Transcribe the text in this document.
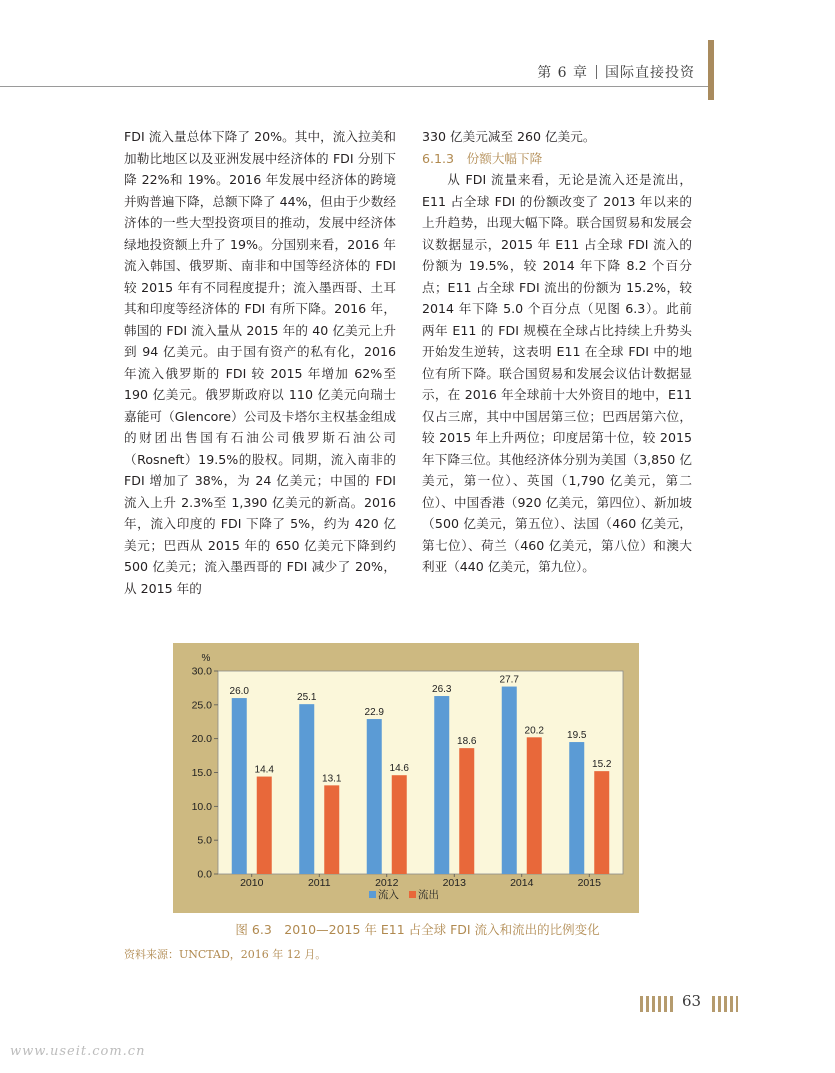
第 6 章 国际直接投资

FDI 流入量总体下降了 20%。其中，流入拉美和加勒比地区以及亚洲发展中经济体的 FDI 分别下降 22%和 19%。2016 年发展中经济体的跨境并购普遍下降，总额下降了 44%，但由于少数经济体的一些大型投资项目的推动，发展中经济体绿地投资额上升了 19%。分国别来看，2016 年流入韩国、俄罗斯、南非和中国等经济体的 FDI 较 2015 年有不同程度提升；流入墨西哥、土耳其和印度等经济体的 FDI 有所下降。2016 年，韩国的 FDI 流入量从 2015 年的 40 亿美元上升到 94 亿美元。由于国有资产的私有化，2016 年流入俄罗斯的 FDI 较 2015 年增加 62%至 190 亿美元。俄罗斯政府以 110 亿美元向瑞士嘉能可（Glencore）公司及卡塔尔主权基金组成的财团出售国有石油公司俄罗斯石油公司（Rosneft）19.5%的股权。同期，流入南非的 FDI 增加了 38%，为 24 亿美元；中国的 FDI 流入上升 2.3%至 1,390 亿美元的新高。2016 年，流入印度的 FDI 下降了 5%，约为 420 亿美元；巴西从 2015 年的 650 亿美元下降到约 500 亿美元；流入墨西哥的 FDI 减少了 20%，从 2015 年的

330 亿美元减至 260 亿美元。

6.1.3　份额大幅下降

从 FDI 流量来看，无论是流入还是流出，E11 占全球 FDI 的份额改变了 2013 年以来的上升趋势，出现大幅下降。联合国贸易和发展会议数据显示，2015 年 E11 占全球 FDI 流入的份额为 19.5%，较 2014 年下降 8.2 个百分点；E11 占全球 FDI 流出的份额为 15.2%，较 2014 年下降 5.0 个百分点（见图 6.3）。此前两年 E11 的 FDI 规模在全球占比持续上升势头开始发生逆转，这表明 E11 在全球 FDI 中的地位有所下降。联合国贸易和发展会议估计数据显示，在 2016 年全球前十大外资目的地中，E11 仅占三席，其中中国居第三位；巴西居第六位，较 2015 年上升两位；印度居第十位，较 2015 年下降三位。其他经济体分别为美国（3,850 亿美元，第一位）、英国（1,790 亿美元，第二位）、中国香港（920 亿美元，第四位）、新加坡（500 亿美元，第五位）、法国（460 亿美元，第七位）、荷兰（460 亿美元，第八位）和澳大利亚（440 亿美元，第九位）。

%
0.0
5.0
10.0
15.0
20.0
25.0
30.0
26.0
14.4
2010
25.1
13.1
2011
22.9
14.6
2012
26.3
18.6
2013
27.7
20.2
2014
19.5
15.2
2015
流入 流出
图 6.3　2010—2015 年 E11 占全球 FDI 流入和流出的比例变化
资料来源：UNCTAD，2016 年 12 月。
63
www.useit.com.cn
